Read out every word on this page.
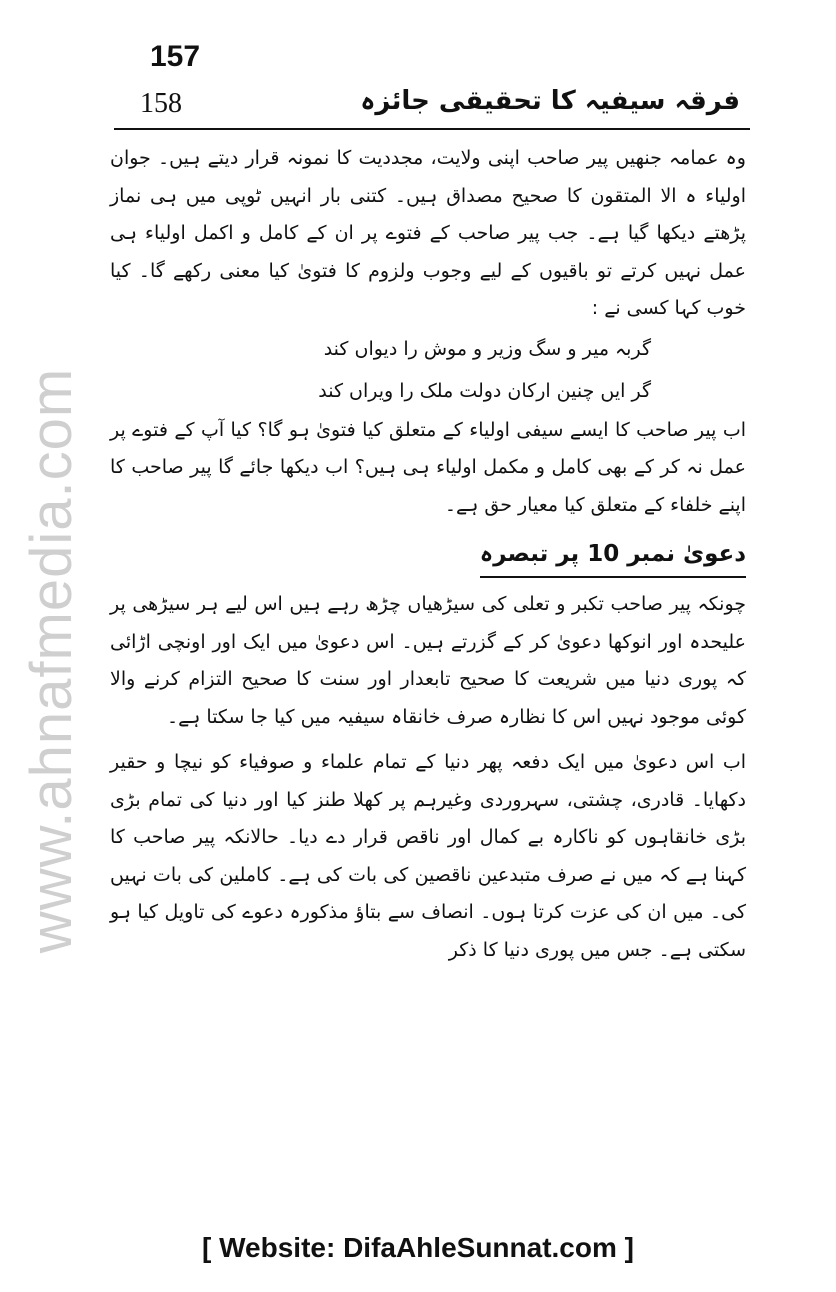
www.ahnafmedia.com
157
158	فرقہ سیفیہ کا تحقیقی جائزہ

وہ عمامہ جنھیں پیر صاحب اپنی ولایت، مجددیت کا نمونہ قرار دیتے ہیں۔ جوان اولیاء ہ الا المتقون کا صحیح مصداق ہیں۔ کتنی بار انہیں ٹوپی میں ہی نماز پڑھتے دیکھا گیا ہے۔ جب پیر صاحب کے فتوے پر ان کے کامل و اکمل اولیاء ہی عمل نہیں کرتے تو باقیوں کے لیے وجوب ولزوم کا فتویٰ کیا معنی رکھے گا۔ کیا خوب کہا کسی نے :

گربہ میر و سگ وزیر و موش را دیواں کند
گر ایں چنین ارکان دولت ملک را ویراں کند

اب پیر صاحب کا ایسے سیفی اولیاء کے متعلق کیا فتویٰ ہو گا؟ کیا آپ کے فتوے پر عمل نہ کر کے بھی کامل و مکمل اولیاء ہی ہیں؟ اب دیکھا جائے گا پیر صاحب کا اپنے خلفاء کے متعلق کیا معیار حق ہے۔

دعویٰ نمبر 10 پر تبصرہ

چونکہ پیر صاحب تکبر و تعلی کی سیڑھیاں چڑھ رہے ہیں اس لیے ہر سیڑھی پر علیحدہ اور انوکھا دعویٰ کر کے گزرتے ہیں۔ اس دعویٰ میں ایک اور اونچی اڑائی کہ پوری دنیا میں شریعت کا صحیح تابعدار اور سنت کا صحیح التزام کرنے والا کوئی موجود نہیں اس کا نظارہ صرف خانقاہ سیفیہ میں کیا جا سکتا ہے۔

اب اس دعویٰ میں ایک دفعہ پھر دنیا کے تمام علماء و صوفیاء کو نیچا و حقیر دکھایا۔ قادری، چشتی، سہروردی وغیرہم پر کھلا طنز کیا اور دنیا کی تمام بڑی بڑی خانقاہوں کو ناکارہ بے کمال اور ناقص قرار دے دیا۔ حالانکہ پیر صاحب کا کہنا ہے کہ میں نے صرف متبدعین ناقصین کی بات کی ہے۔ کاملین کی بات نہیں کی۔ میں ان کی عزت کرتا ہوں۔ انصاف سے بتاؤ مذکورہ دعوے کی تاویل کیا ہو سکتی ہے۔ جس میں پوری دنیا کا ذکر

[ Website: DifaAhleSunnat.com ]
